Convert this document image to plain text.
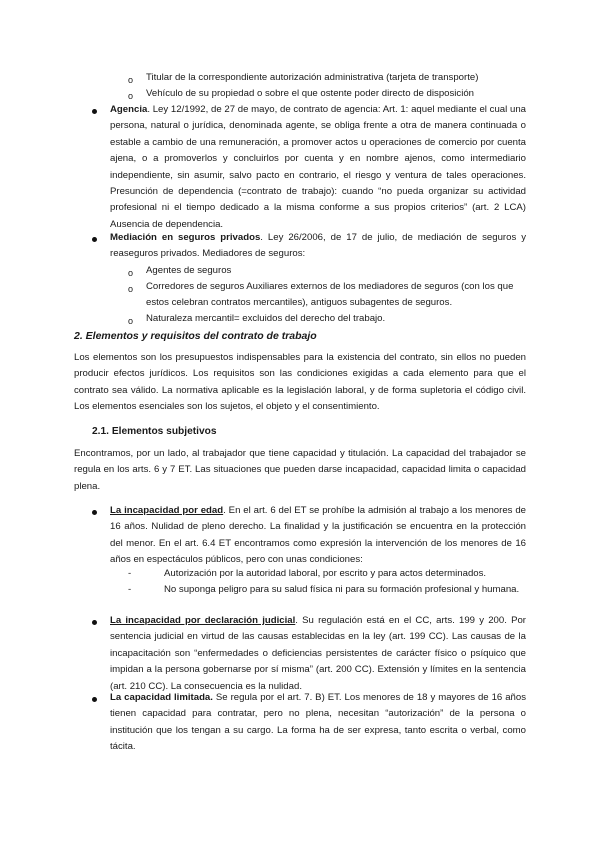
o Titular de la correspondiente autorización administrativa (tarjeta de transporte)
o Vehículo de su propiedad o sobre el que ostente poder directo de disposición
Agencia. Ley 12/1992, de 27 de mayo, de contrato de agencia: Art. 1: aquel mediante el cual una persona, natural o jurídica, denominada agente, se obliga frente a otra de manera continuada o estable a cambio de una remuneración, a promover actos u operaciones de comercio por cuenta ajena, o a promoverlos y concluirlos por cuenta y en nombre ajenos, como intermediario independiente, sin asumir, salvo pacto en contrario, el riesgo y ventura de tales operaciones. Presunción de dependencia (=contrato de trabajo): cuando “no pueda organizar su actividad profesional ni el tiempo dedicado a la misma conforme a sus propios criterios” (art. 2 LCA) Ausencia de dependencia.
Mediación en seguros privados. Ley 26/2006, de 17 de julio, de mediación de seguros y reaseguros privados. Mediadores de seguros:
o Agentes de seguros
o Corredores de seguros Auxiliares externos de los mediadores de seguros (con los que estos celebran contratos mercantiles), antiguos subagentes de seguros.
o Naturaleza mercantil= excluidos del derecho del trabajo.
2. Elementos y requisitos del contrato de trabajo
Los elementos son los presupuestos indispensables para la existencia del contrato, sin ellos no pueden producir efectos jurídicos. Los requisitos son las condiciones exigidas a cada elemento para que el contrato sea válido. La normativa aplicable es la legislación laboral, y de forma supletoria el código civil. Los elementos esenciales son los sujetos, el objeto y el consentimiento.
2.1. Elementos subjetivos
Encontramos, por un lado, al trabajador que tiene capacidad y titulación. La capacidad del trabajador se regula en los arts. 6 y 7 ET. Las situaciones que pueden darse incapacidad, capacidad limita o capacidad plena.
La incapacidad por edad. En el art. 6 del ET se prohíbe la admisión al trabajo a los menores de 16 años. Nulidad de pleno derecho. La finalidad y la justificación se encuentra en la protección del menor. En el art. 6.4 ET encontramos como expresión la intervención de los menores de 16 años en espectáculos públicos, pero con unas condiciones:
-	Autorización por la autoridad laboral, por escrito y para actos determinados.
-	No suponga peligro para su salud física ni para su formación profesional y humana.
La incapacidad por declaración judicial. Su regulación está en el CC, arts. 199 y 200. Por sentencia judicial en virtud de las causas establecidas en la ley (art. 199 CC). Las causas de la incapacitación son “enfermedades o deficiencias persistentes de carácter físico o psíquico que impidan a la persona gobernarse por sí misma” (art. 200 CC). Extensión y límites en la sentencia (art. 210 CC). La consecuencia es la nulidad.
La capacidad limitada. Se regula por el art. 7. B) ET. Los menores de 18 y mayores de 16 años tienen capacidad para contratar, pero no plena, necesitan “autorización” de la persona o institución que los tengan a su cargo. La forma ha de ser expresa, tanto escrita o verbal, como tácita.
